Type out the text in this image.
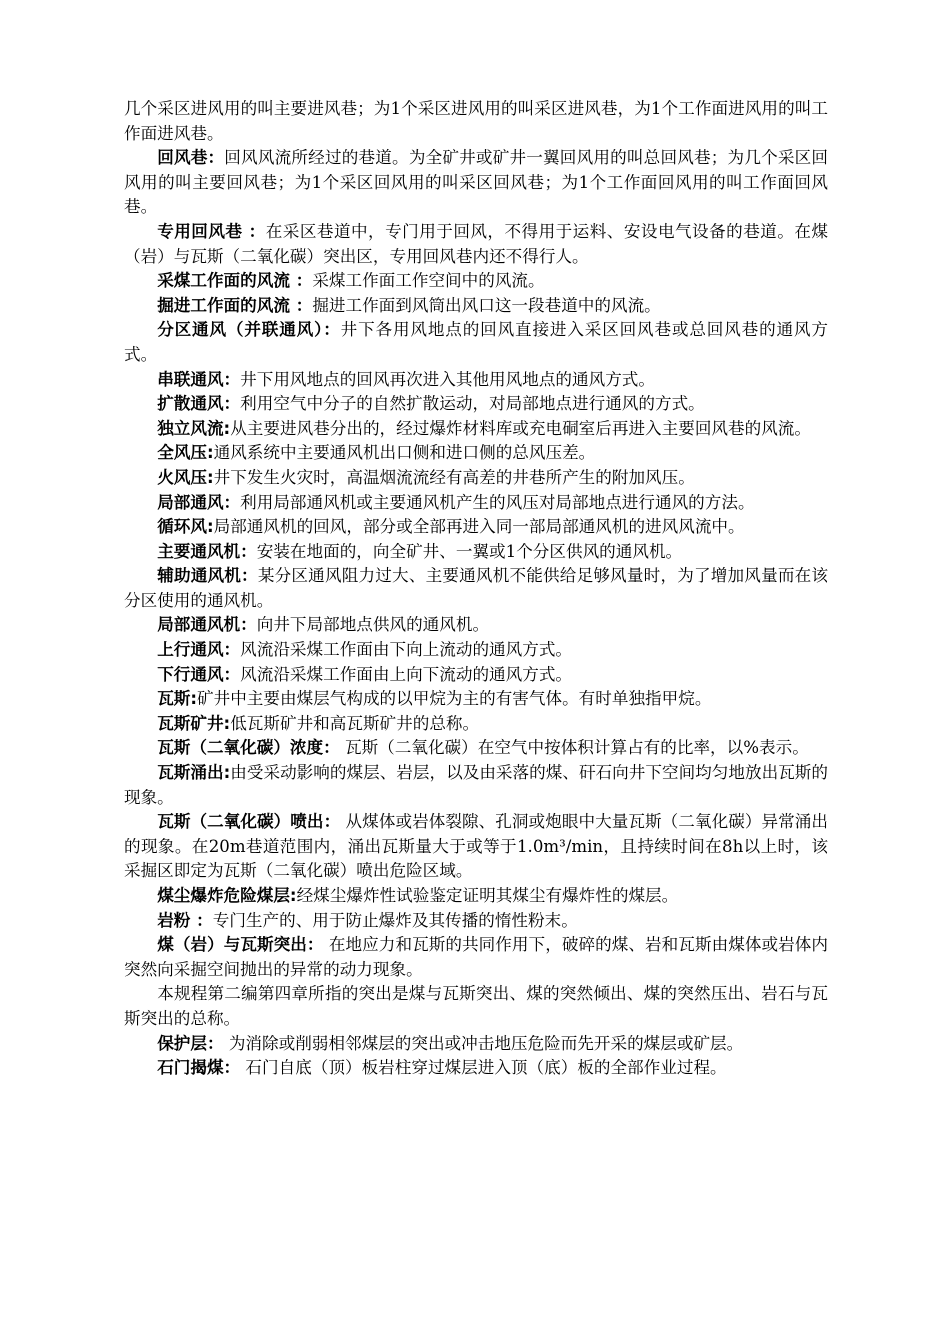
几个采区进风用的叫主要进风巷；为1个采区进风用的叫采区进风巷，为1个工作面进风用的叫工作面进风巷。

回风巷：回风风流所经过的巷道。为全矿井或矿井一翼回风用的叫总回风巷；为几个采区回风用的叫主要回风巷；为1个采区回风用的叫采区回风巷；为1个工作面回风用的叫工作面回风巷。

专用回风巷 ：在采区巷道中，专门用于回风，不得用于运料、安设电气设备的巷道。在煤（岩）与瓦斯（二氧化碳）突出区，专用回风巷内还不得行人。

采煤工作面的风流 ：采煤工作面工作空间中的风流。

掘进工作面的风流 ：掘进工作面到风筒出风口这一段巷道中的风流。

分区通风（并联通风）：井下各用风地点的回风直接进入采区回风巷或总回风巷的通风方式。

串联通风：井下用风地点的回风再次进入其他用风地点的通风方式。

扩散通风：利用空气中分子的自然扩散运动，对局部地点进行通风的方式。

独立风流:从主要进风巷分出的，经过爆炸材料库或充电硐室后再进入主要回风巷的风流。

全风压:通风系统中主要通风机出口侧和进口侧的总风压差。

火风压:井下发生火灾时，高温烟流流经有高差的井巷所产生的附加风压。

局部通风：利用局部通风机或主要通风机产生的风压对局部地点进行通风的方法。

循环风:局部通风机的回风，部分或全部再进入同一部局部通风机的进风风流中。

主要通风机：安装在地面的，向全矿井、一翼或1个分区供风的通风机。

辅助通风机：某分区通风阻力过大、主要通风机不能供给足够风量时，为了增加风量而在该分区使用的通风机。

局部通风机：向井下局部地点供风的通风机。

上行通风：风流沿采煤工作面由下向上流动的通风方式。

下行通风：风流沿采煤工作面由上向下流动的通风方式。

瓦斯:矿井中主要由煤层气构成的以甲烷为主的有害气体。有时单独指甲烷。

瓦斯矿井:低瓦斯矿井和高瓦斯矿井的总称。

瓦斯（二氧化碳）浓度： 瓦斯（二氧化碳）在空气中按体积计算占有的比率，以%表示。

瓦斯涌出:由受采动影响的煤层、岩层，以及由采落的煤、矸石向井下空间均匀地放出瓦斯的现象。

瓦斯（二氧化碳）喷出： 从煤体或岩体裂隙、孔洞或炮眼中大量瓦斯（二氧化碳）异常涌出的现象。在20m巷道范围内，涌出瓦斯量大于或等于1.0m³/min，且持续时间在8h以上时，该采掘区即定为瓦斯（二氧化碳）喷出危险区域。

煤尘爆炸危险煤层:经煤尘爆炸性试验鉴定证明其煤尘有爆炸性的煤层。

岩粉 ：专门生产的、用于防止爆炸及其传播的惰性粉末。

煤（岩）与瓦斯突出： 在地应力和瓦斯的共同作用下，破碎的煤、岩和瓦斯由煤体或岩体内突然向采掘空间抛出的异常的动力现象。

本规程第二编第四章所指的突出是煤与瓦斯突出、煤的突然倾出、煤的突然压出、岩石与瓦斯突出的总称。

保护层： 为消除或削弱相邻煤层的突出或冲击地压危险而先开采的煤层或矿层。

石门揭煤： 石门自底（顶）板岩柱穿过煤层进入顶（底）板的全部作业过程。
